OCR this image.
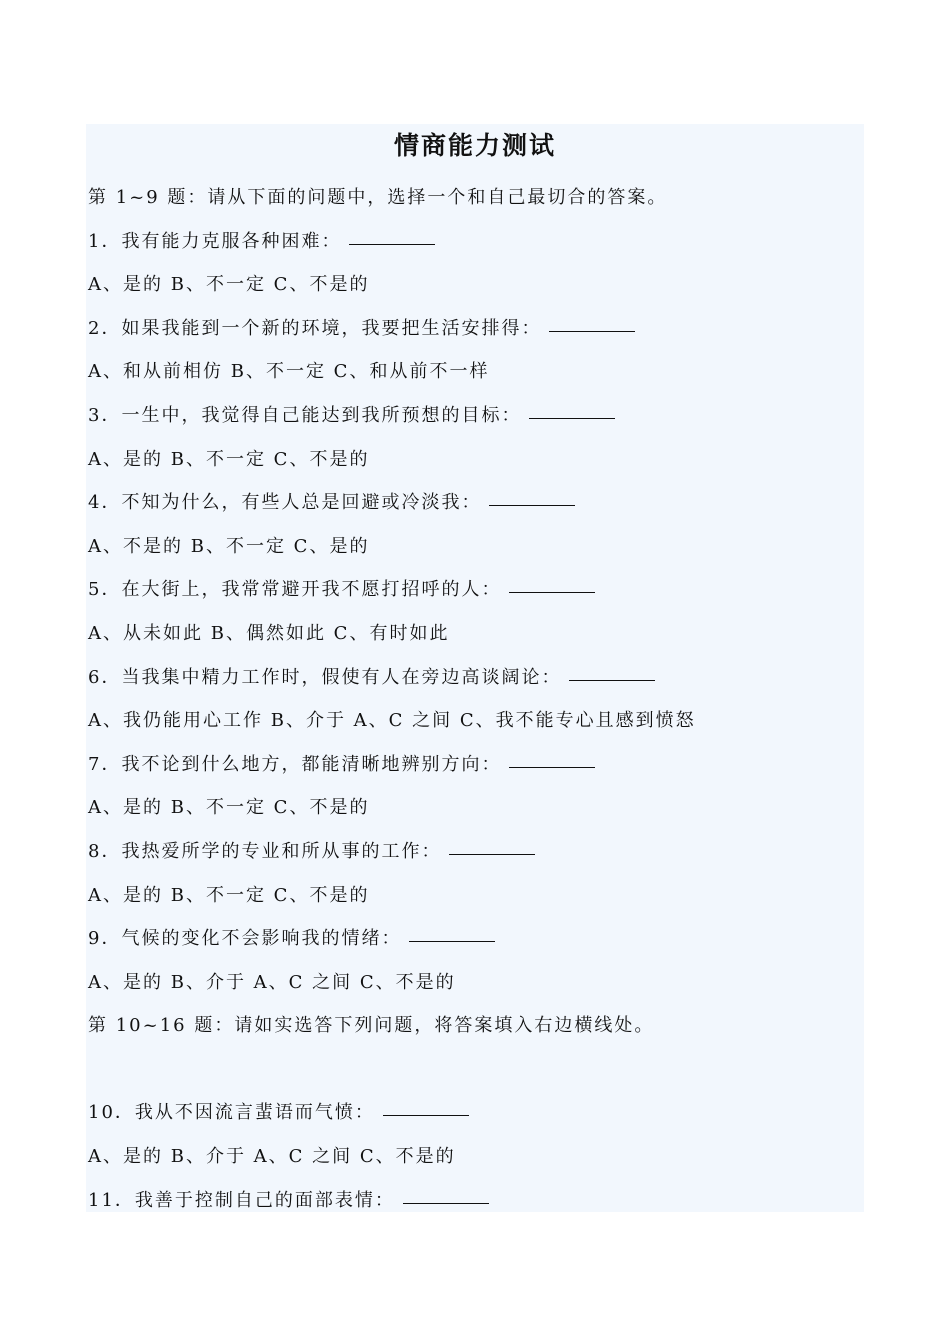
情商能力测试
第 1~9 题：请从下面的问题中，选择一个和自己最切合的答案。
1．我有能力克服各种困难：
A、是的 B、不一定 C、不是的
2．如果我能到一个新的环境，我要把生活安排得：
A、和从前相仿 B、不一定 C、和从前不一样
3．一生中，我觉得自己能达到我所预想的目标：
A、是的 B、不一定 C、不是的
4．不知为什么，有些人总是回避或冷淡我：
A、不是的 B、不一定 C、是的
5．在大街上，我常常避开我不愿打招呼的人：
A、从未如此 B、偶然如此 C、有时如此
6．当我集中精力工作时，假使有人在旁边高谈阔论：
A、我仍能用心工作 B、介于 A、C 之间 C、我不能专心且感到愤怒
7．我不论到什么地方，都能清晰地辨别方向：
A、是的 B、不一定 C、不是的
8．我热爱所学的专业和所从事的工作：
A、是的 B、不一定 C、不是的
9．气候的变化不会影响我的情绪：
A、是的 B、介于 A、C 之间 C、不是的
第 10~16 题：请如实选答下列问题，将答案填入右边横线处。
10．我从不因流言蜚语而气愤：
A、是的 B、介于 A、C 之间 C、不是的
11．我善于控制自己的面部表情：
